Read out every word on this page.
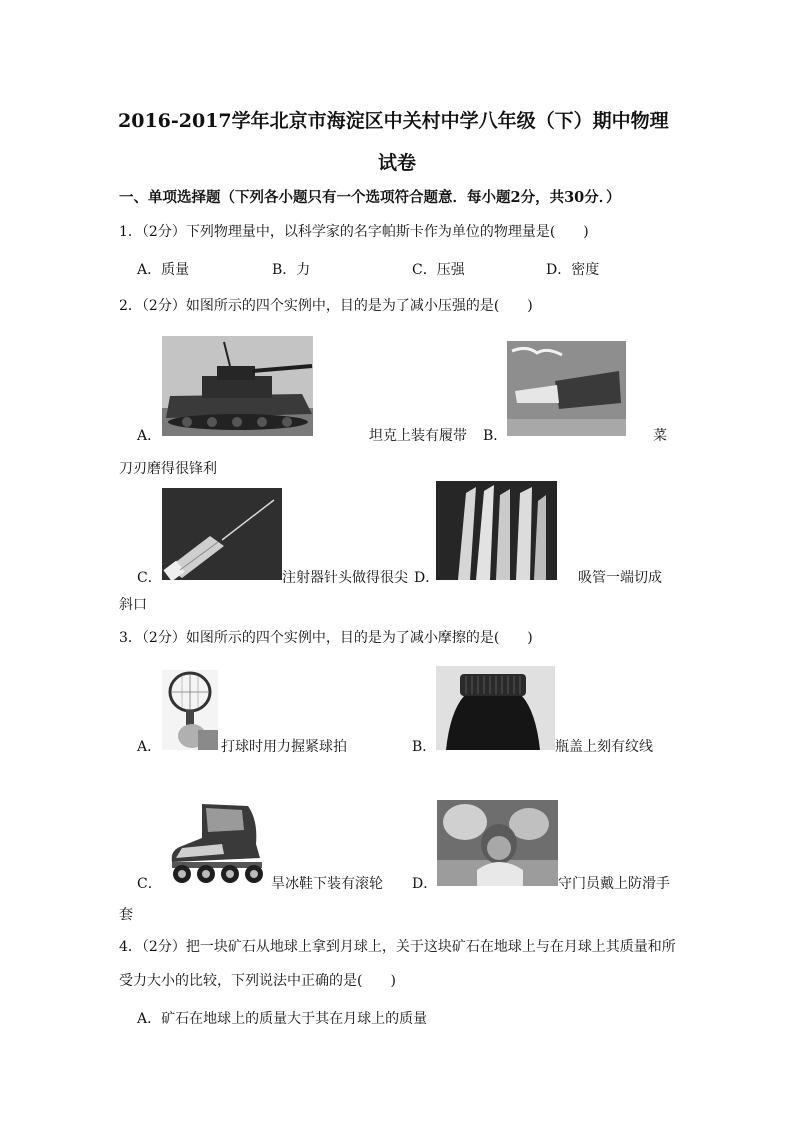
2016-2017学年北京市海淀区中关村中学八年级（下）期中物理
试卷
一、单项选择题（下列各小题只有一个选项符合题意．每小题2分，共30分．）
1．（2分）下列物理量中，以科学家的名字帕斯卡作为单位的物理量是(　　)
A．质量	B．力	C．压强	D．密度
2．（2分）如图所示的四个实例中，目的是为了减小压强的是(　　)
A．	坦克上装有履带 B．	菜
刀刃磨得很锋利
C．	注射器针头做得很尖 D．	吸管一端切成
斜口
3．（2分）如图所示的四个实例中，目的是为了减小摩擦的是(　　)
A．	打球时用力握紧球拍	B．	瓶盖上刻有纹线
C．	旱冰鞋下装有滚轮 D．	守门员戴上防滑手
套
4．（2分）把一块矿石从地球上拿到月球上，关于这块矿石在地球上与在月球上其质量和所
受力大小的比较，下列说法中正确的是(　　)
A．矿石在地球上的质量大于其在月球上的质量
